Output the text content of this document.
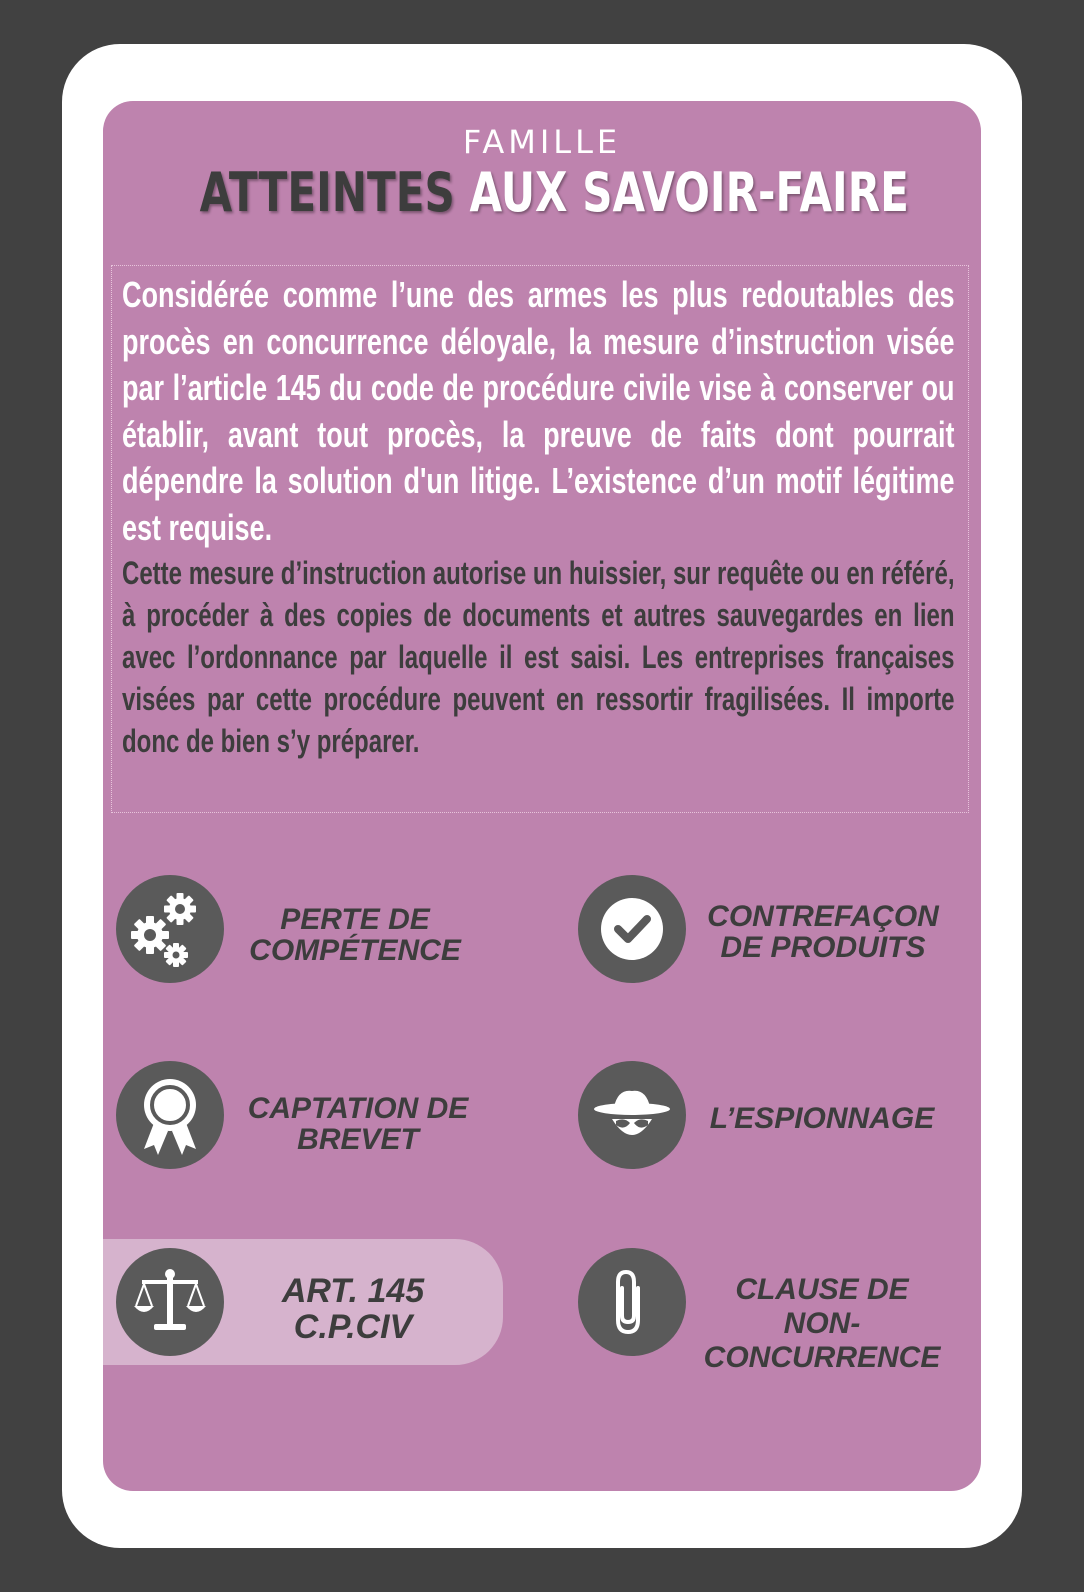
FAMILLE
ATTEINTES AUX SAVOIR-FAIRE

Considérée comme l’une des armes les plus redoutables des procès en concurrence déloyale, la mesure d’instruction visée par l’article 145 du code de procédure civile vise à conserver ou établir, avant tout procès, la preuve de faits dont pourrait dépendre la solution d'un litige. L’existence d’un motif légitime est requise.

Cette mesure d’instruction autorise un huissier, sur requête ou en référé, à procéder à des copies de documents et autres sauvegardes en lien avec l’ordonnance par laquelle il est saisi. Les entreprises françaises visées par cette procédure peuvent en ressortir fragilisées. Il importe donc de bien s’y préparer.

PERTE DE
COMPÉTENCE
CONTREFAÇON
DE PRODUITS
CAPTATION DE
BREVET
L’ESPIONNAGE
ART. 145
C.P.CIV
CLAUSE DE
NON-
CONCURRENCE
